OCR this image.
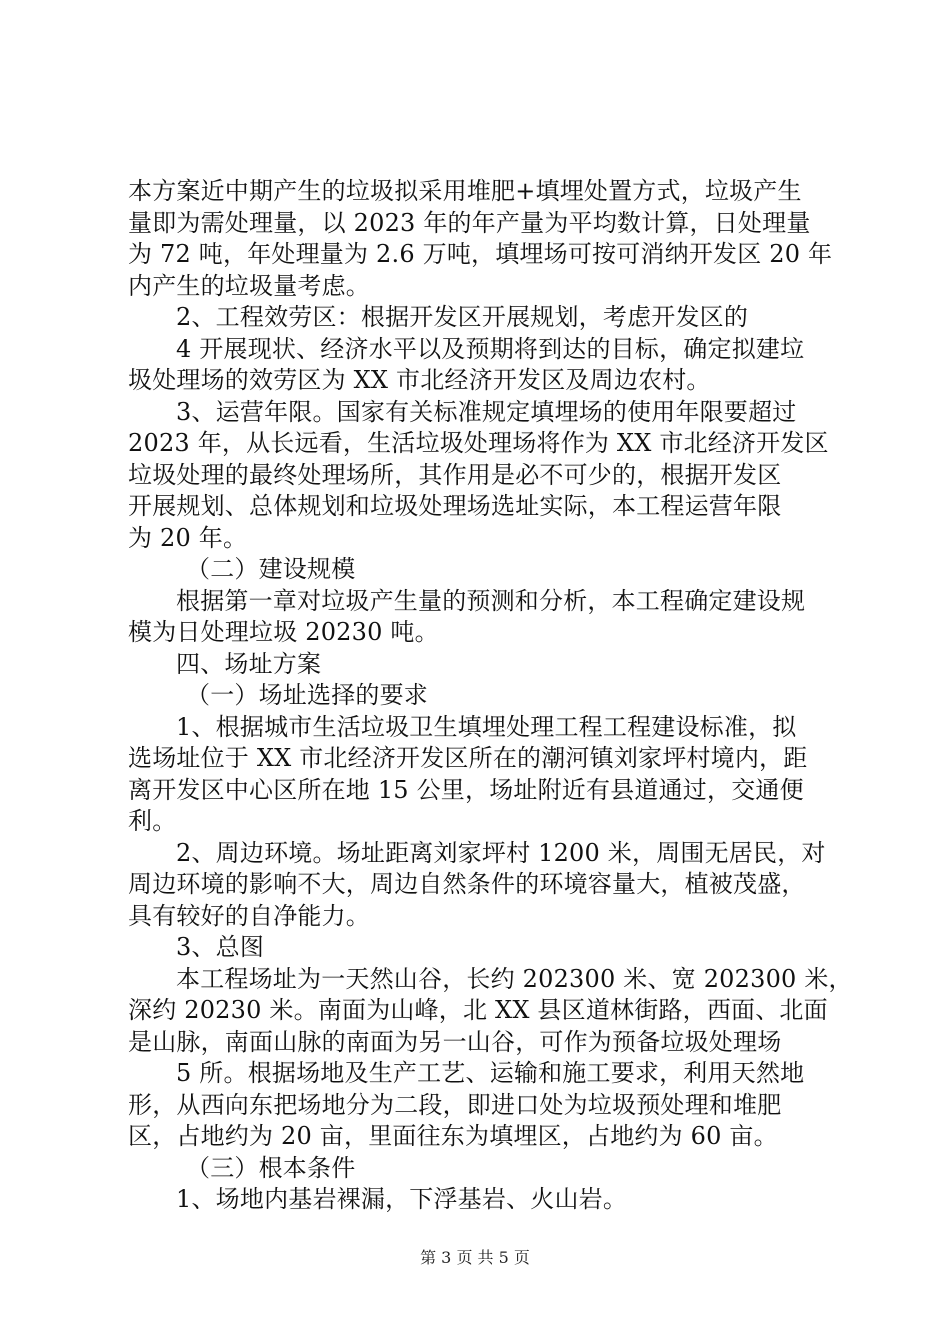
本方案近中期产生的垃圾拟采用堆肥+填埋处置方式，垃圾产生
量即为需处理量，以 2023 年的年产量为平均数计算，日处理量
为 72 吨，年处理量为 2.6 万吨，填埋场可按可消纳开发区 20 年
内产生的垃圾量考虑。
2、工程效劳区：根据开发区开展规划，考虑开发区的
4 开展现状、经济水平以及预期将到达的目标，确定拟建垃
圾处理场的效劳区为 XX 市北经济开发区及周边农村。
3、运营年限。国家有关标准规定填埋场的使用年限要超过
2023 年，从长远看，生活垃圾处理场将作为 XX 市北经济开发区
垃圾处理的最终处理场所，其作用是必不可少的，根据开发区
开展规划、总体规划和垃圾处理场选址实际，本工程运营年限
为 20 年。
（二）建设规模
根据第一章对垃圾产生量的预测和分析，本工程确定建设规
模为日处理垃圾 20230 吨。
四、场址方案
（一）场址选择的要求
1、根据城市生活垃圾卫生填埋处理工程工程建设标准，拟
选场址位于 XX 市北经济开发区所在的潮河镇刘家坪村境内，距
离开发区中心区所在地 15 公里，场址附近有县道通过，交通便
利。
2、周边环境。场址距离刘家坪村 1200 米，周围无居民，对
周边环境的影响不大，周边自然条件的环境容量大，植被茂盛，
具有较好的自净能力。
3、总图
本工程场址为一天然山谷，长约 202300 米、宽 202300 米，
深约 20230 米。南面为山峰，北 XX 县区道林街路，西面、北面
是山脉，南面山脉的南面为另一山谷，可作为预备垃圾处理场
5 所。根据场地及生产工艺、运输和施工要求，利用天然地
形，从西向东把场地分为二段，即进口处为垃圾预处理和堆肥
区，占地约为 20 亩，里面往东为填埋区，占地约为 60 亩。
（三）根本条件
1、场地内基岩裸漏，下浮基岩、火山岩。
第 3 页 共 5 页
